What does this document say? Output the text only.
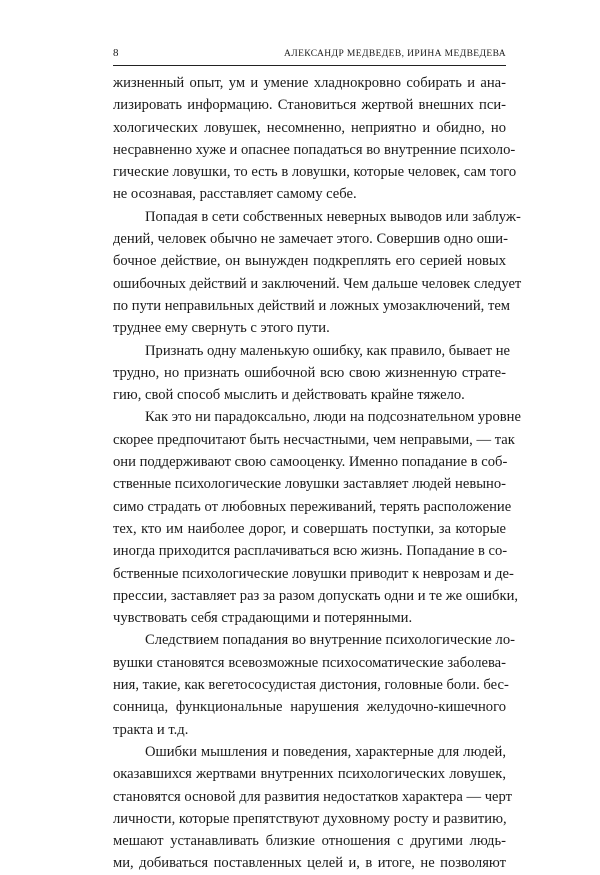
8	АЛЕКСАНДР МЕДВЕДЕВ, ИРИНА МЕДВЕДЕВА
жизненный опыт, ум и умение хладнокровно собирать и ана-
лизировать информацию. Становиться жертвой внешних пси-
хологических ловушек, несомненно, неприятно и обидно, но
несравненно хуже и опаснее попадаться во внутренние психоло-
гические ловушки, то есть в ловушки, которые человек, сам того
не осознавая, расставляет самому себе.
Попадая в сети собственных неверных выводов или заблуж-
дений, человек обычно не замечает этого. Совершив одно оши-
бочное действие, он вынужден подкреплять его серией новых
ошибочных действий и заключений. Чем дальше человек следует
по пути неправильных действий и ложных умозаключений, тем
труднее ему свернуть с этого пути.
Признать одну маленькую ошибку, как правило, бывает не
трудно, но признать ошибочной всю свою жизненную страте-
гию, свой способ мыслить и действовать крайне тяжело.
Как это ни парадоксально, люди на подсознательном уровне
скорее предпочитают быть несчастными, чем неправыми, — так
они поддерживают свою самооценку. Именно попадание в соб-
ственные психологические ловушки заставляет людей невыно-
симо страдать от любовных переживаний, терять расположение
тех, кто им наиболее дорог, и совершать поступки, за которые
иногда приходится расплачиваться всю жизнь. Попадание в со-
бственные психологические ловушки приводит к неврозам и де-
прессии, заставляет раз за разом допускать одни и те же ошибки,
чувствовать себя страдающими и потерянными.
Следствием попадания во внутренние психологические ло-
вушки становятся всевозможные психосоматические заболева-
ния, такие, как вегетососудистая дистония, головные боли. бес-
сонница, функциональные нарушения желудочно-кишечного
тракта и т.д.
Ошибки мышления и поведения, характерные для людей,
оказавшихся жертвами внутренних психологических ловушек,
становятся основой для развития недостатков характера — черт
личности, которые препятствуют духовному росту и развитию,
мешают устанавливать близкие отношения с другими людь-
ми, добиваться поставленных целей и, в итоге, не позволяют
